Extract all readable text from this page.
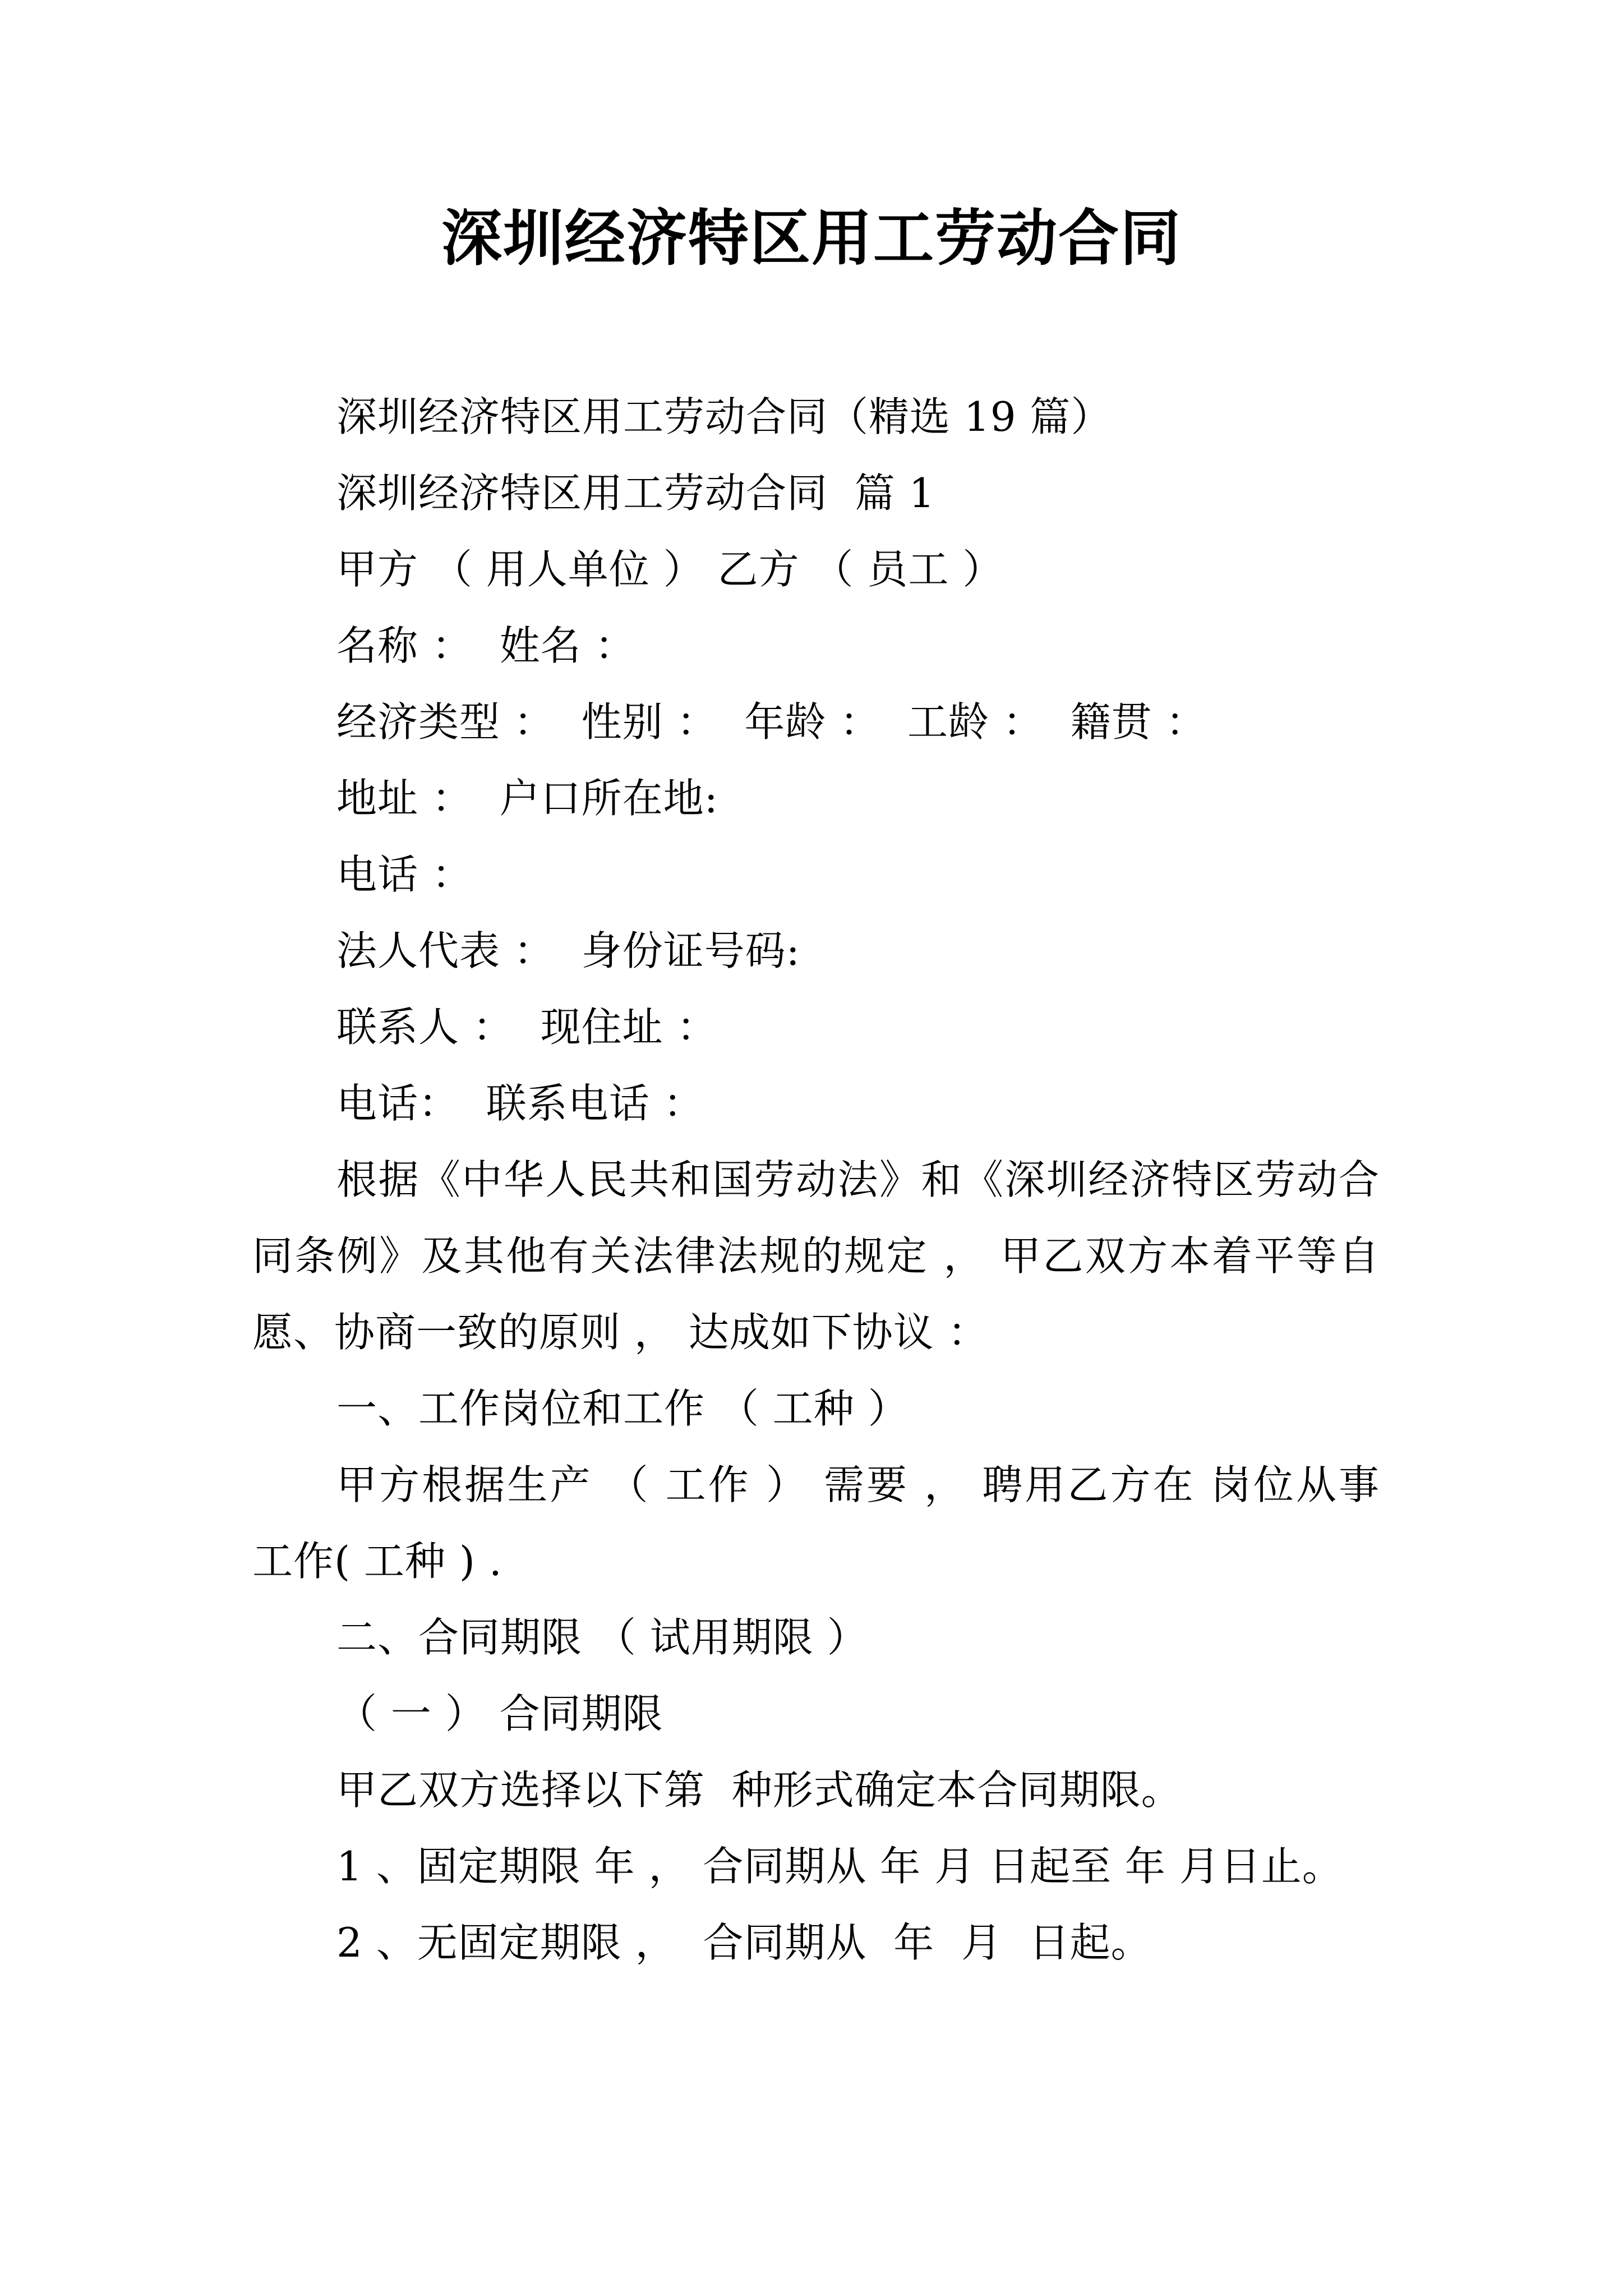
深圳经济特区用工劳动合同

深圳经济特区用工劳动合同（精选 19 篇）

深圳经济特区用工劳动合同  篇 1

甲方 （ 用人单位 ） 乙方 （ 员工 ）

名称 ：  姓名 ：

经济类型 ：  性别 ：  年龄 ：  工龄 ：  籍贯 ：

地址 ：  户口所在地:

电话 ：

法人代表 ：  身份证号码:

联系人 ：  现住址 ：

电话：  联系电话 ：

根据《中华人民共和国劳动法》和《深圳经济特区劳动合同条例》及其他有关法律法规的规定 ， 甲乙双方本着平等自愿、协商一致的原则 ， 达成如下协议 ：

一、工作岗位和工作 （ 工种 ）

甲方根据生产 （ 工作 ） 需要 ， 聘用乙方在 岗位从事 工作( 工种 ) .

二、合同期限 （ 试用期限 ）

（ 一 ） 合同期限

甲乙双方选择以下第  种形式确定本合同期限。

1 、固定期限 年 ， 合同期从 年 月 日起至 年 月日止。

2 、无固定期限 ，  合同期从  年  月  日起。
